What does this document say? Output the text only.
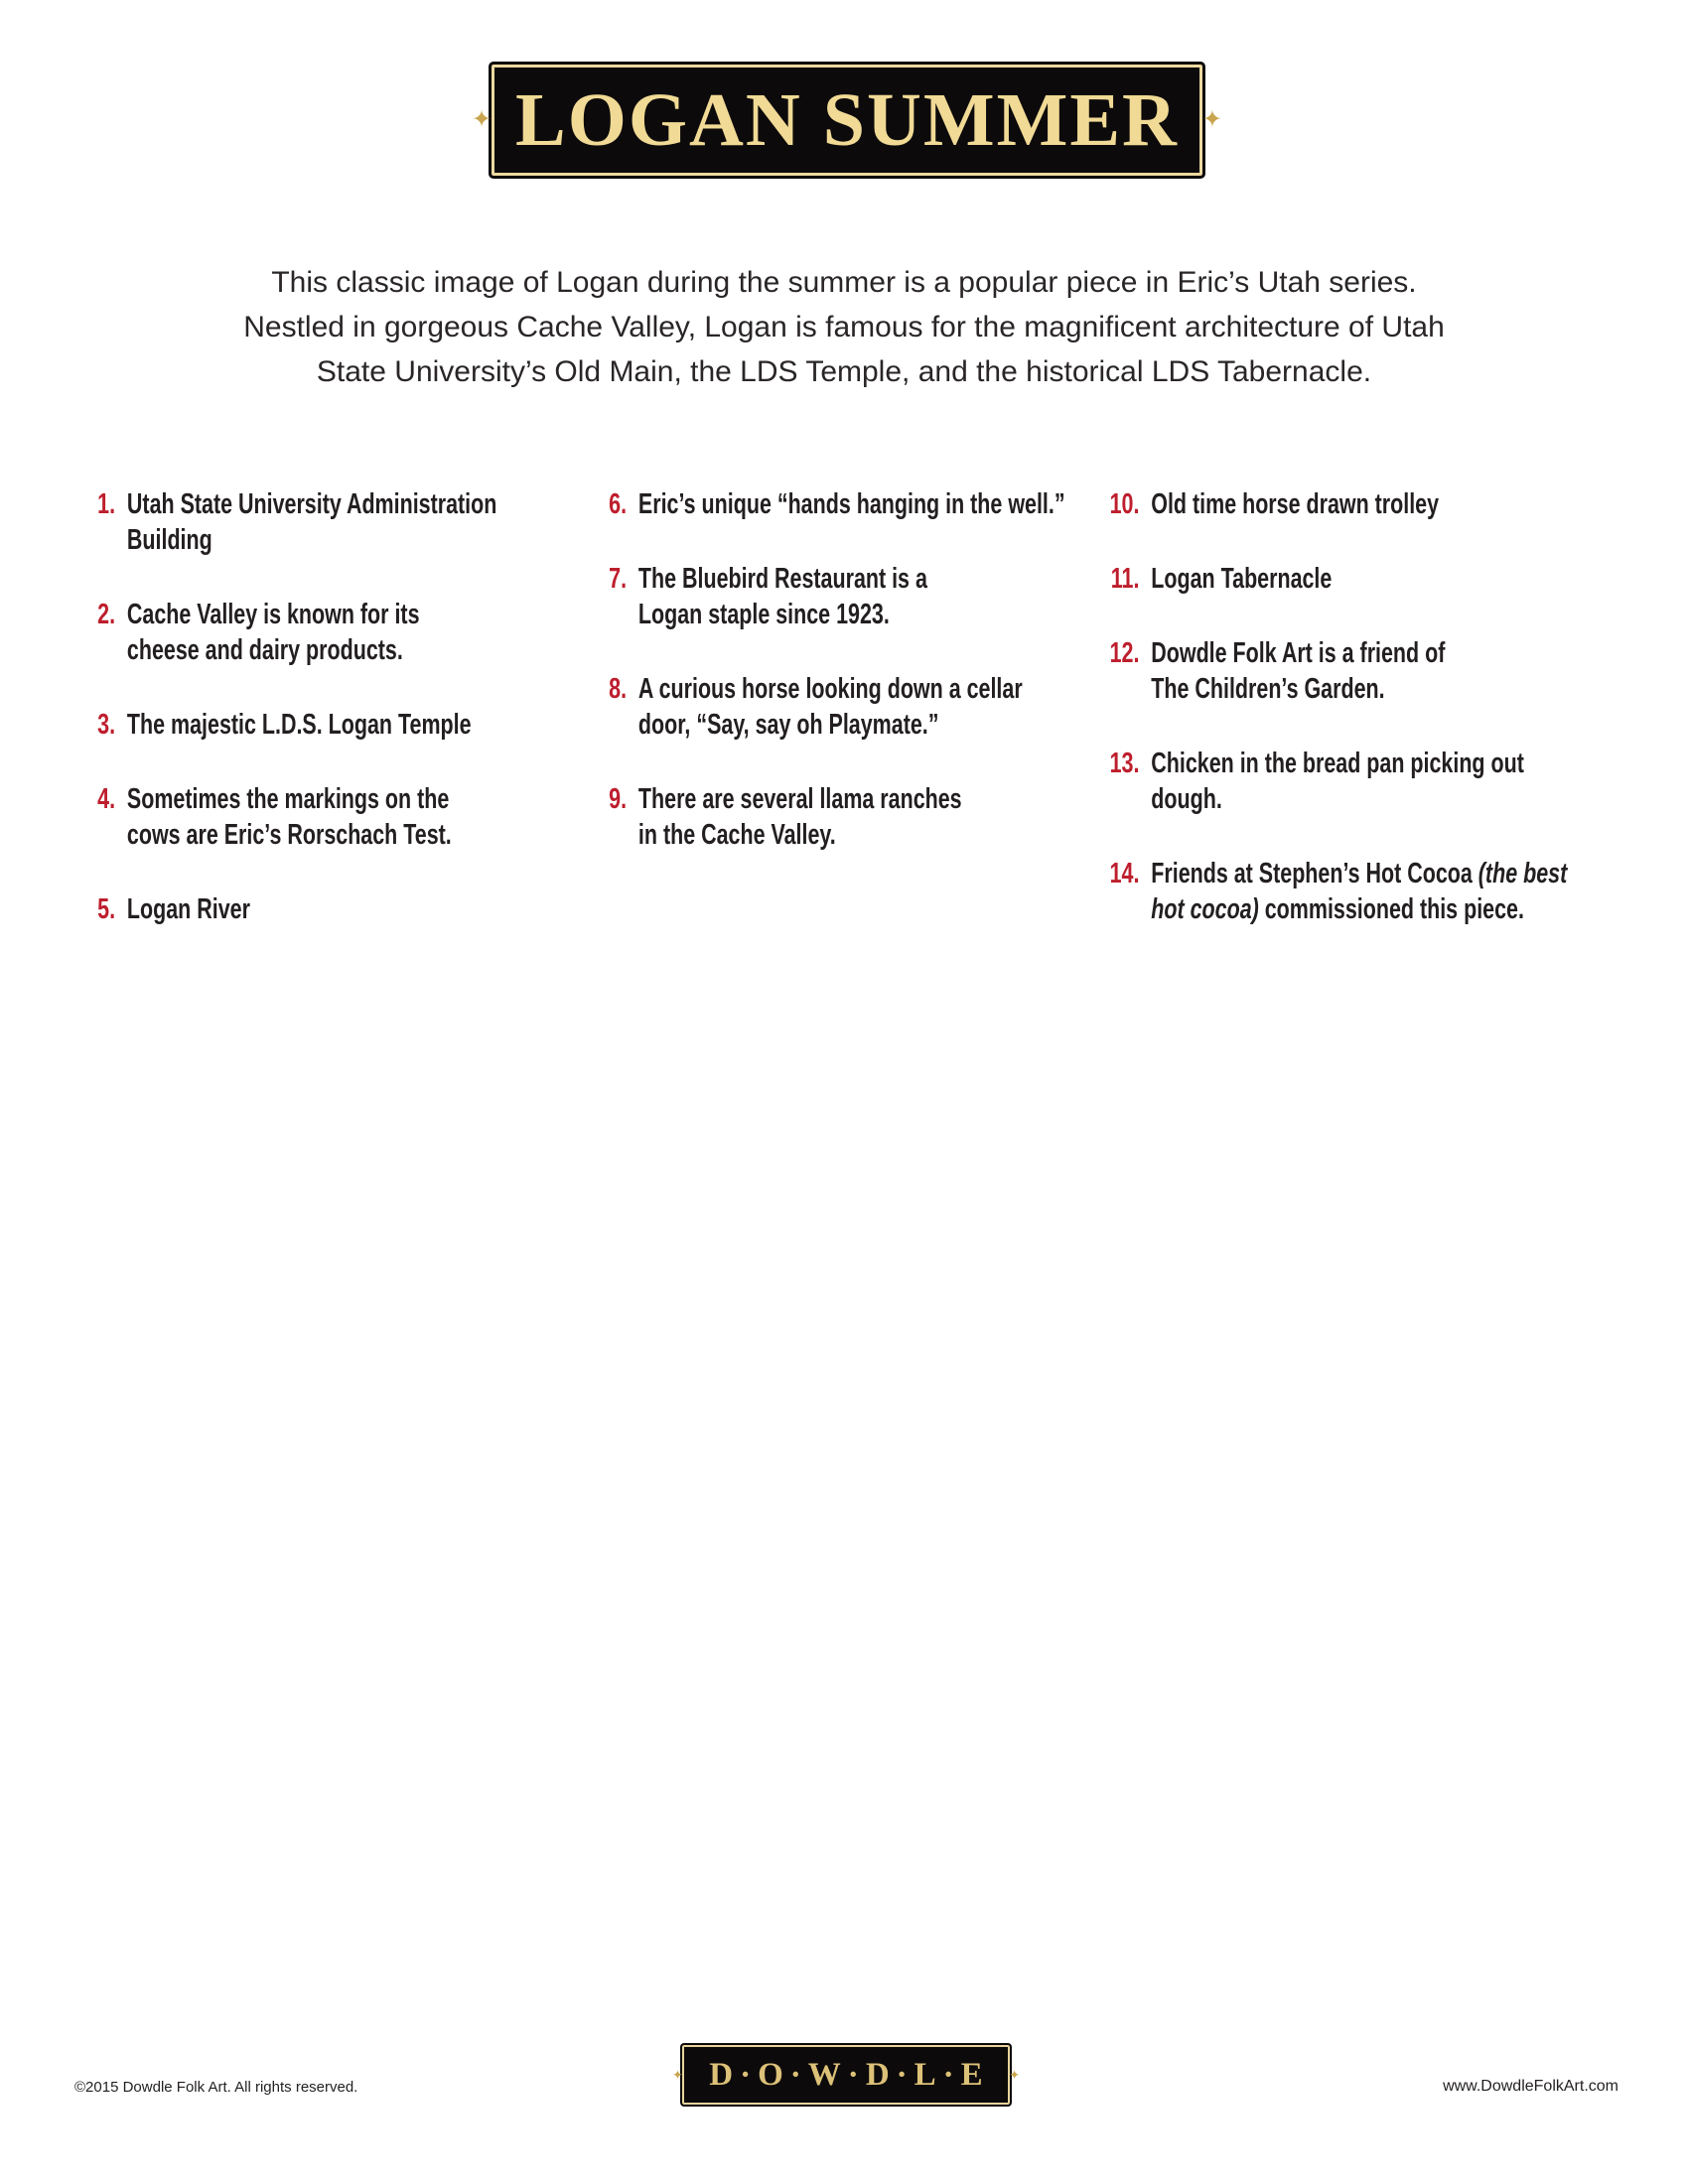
✦	✦
LOGAN SUMMER
This classic image of Logan during the summer is a popular piece in Eric’s Utah series.
Nestled in gorgeous Cache Valley, Logan is famous for the magnificent architecture of Utah
State University’s Old Main, the LDS Temple, and the historical LDS Tabernacle.
1. Utah State University Administration Building
2. Cache Valley is known for its
cheese and dairy products.
3. The majestic L.D.S. Logan Temple
4. Sometimes the markings on the
cows are Eric’s Rorschach Test.
5. Logan River
6. Eric’s unique “hands hanging in the well.”
7. The Bluebird Restaurant is a
Logan staple since 1923.
8. A curious horse looking down a cellar
door, “Say, say oh Playmate.”
9. There are several llama ranches
in the Cache Valley.
10. Old time horse drawn trolley
11. Logan Tabernacle
12. Dowdle Folk Art is a friend of
The Children’s Garden.
13. Chicken in the bread pan picking out dough.
14. Friends at Stephen’s Hot Cocoa (the best
hot cocoa) commissioned this piece.
✦	✦
D·O·W·D·L·E
©2015 Dowdle Folk Art. All rights reserved.	www.DowdleFolkArt.com
